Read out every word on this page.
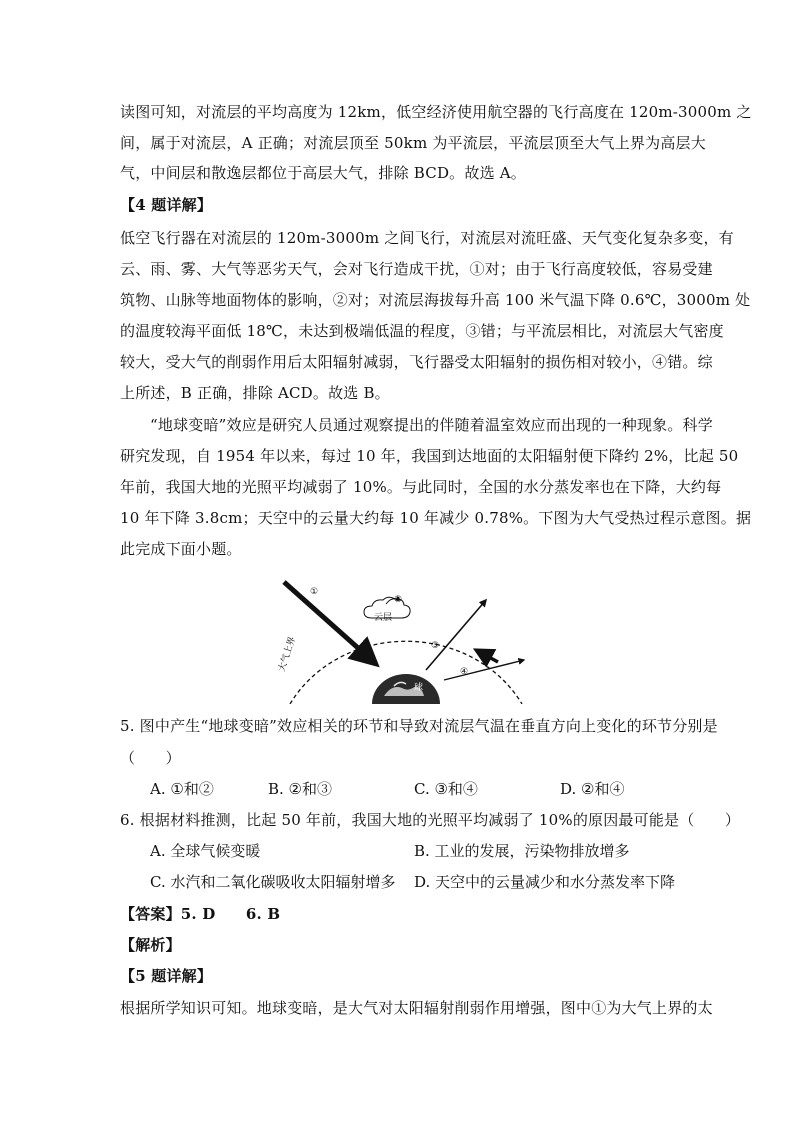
读图可知，对流层的平均高度为 12km，低空经济使用航空器的飞行高度在 120m-3000m 之
间，属于对流层，A 正确；对流层顶至 50km 为平流层，平流层顶至大气上界为高层大
气，中间层和散逸层都位于高层大气，排除 BCD。故选 A。
【4 题详解】
低空飞行器在对流层的 120m-3000m 之间飞行，对流层对流旺盛、天气变化复杂多变，有
云、雨、雾、大气等恶劣天气，会对飞行造成干扰，①对；由于飞行高度较低，容易受建
筑物、山脉等地面物体的影响，②对；对流层海拔每升高 100 米气温下降 0.6℃，3000m 处
的温度较海平面低 18℃，未达到极端低温的程度，③错；与平流层相比，对流层大气密度
较大，受大气的削弱作用后太阳辐射减弱，飞行器受太阳辐射的损伤相对较小，④错。综
上所述，B 正确，排除 ACD。故选 B。
“地球变暗”效应是研究人员通过观察提出的伴随着温室效应而出现的一种现象。科学
研究发现，自 1954 年以来，每过 10 年，我国到达地面的太阳辐射便下降约 2%，比起 50
年前，我国大地的光照平均减弱了 10%。与此同时，全国的水分蒸发率也在下降，大约每
10 年下降 3.8cm；天空中的云量大约每 10 年减少 0.78%。下图为大气受热过程示意图。据
此完成下面小题。
①
②
③
④
云层
大气上界
球
5. 图中产生“地球变暗”效应相关的环节和导致对流层气温在垂直方向上变化的环节分别是
（　　）
A. ①和②	B. ②和③	C. ③和④	D. ②和④
6. 根据材料推测，比起 50 年前，我国大地的光照平均减弱了 10%的原因最可能是（　　）
A. 全球气候变暖	B. 工业的发展，污染物排放增多
C. 水汽和二氧化碳吸收太阳辐射增多 D. 天空中的云量减少和水分蒸发率下降
【答案】5. D　　6. B
【解析】
【5 题详解】
根据所学知识可知。地球变暗，是大气对太阳辐射削弱作用增强，图中①为大气上界的太
